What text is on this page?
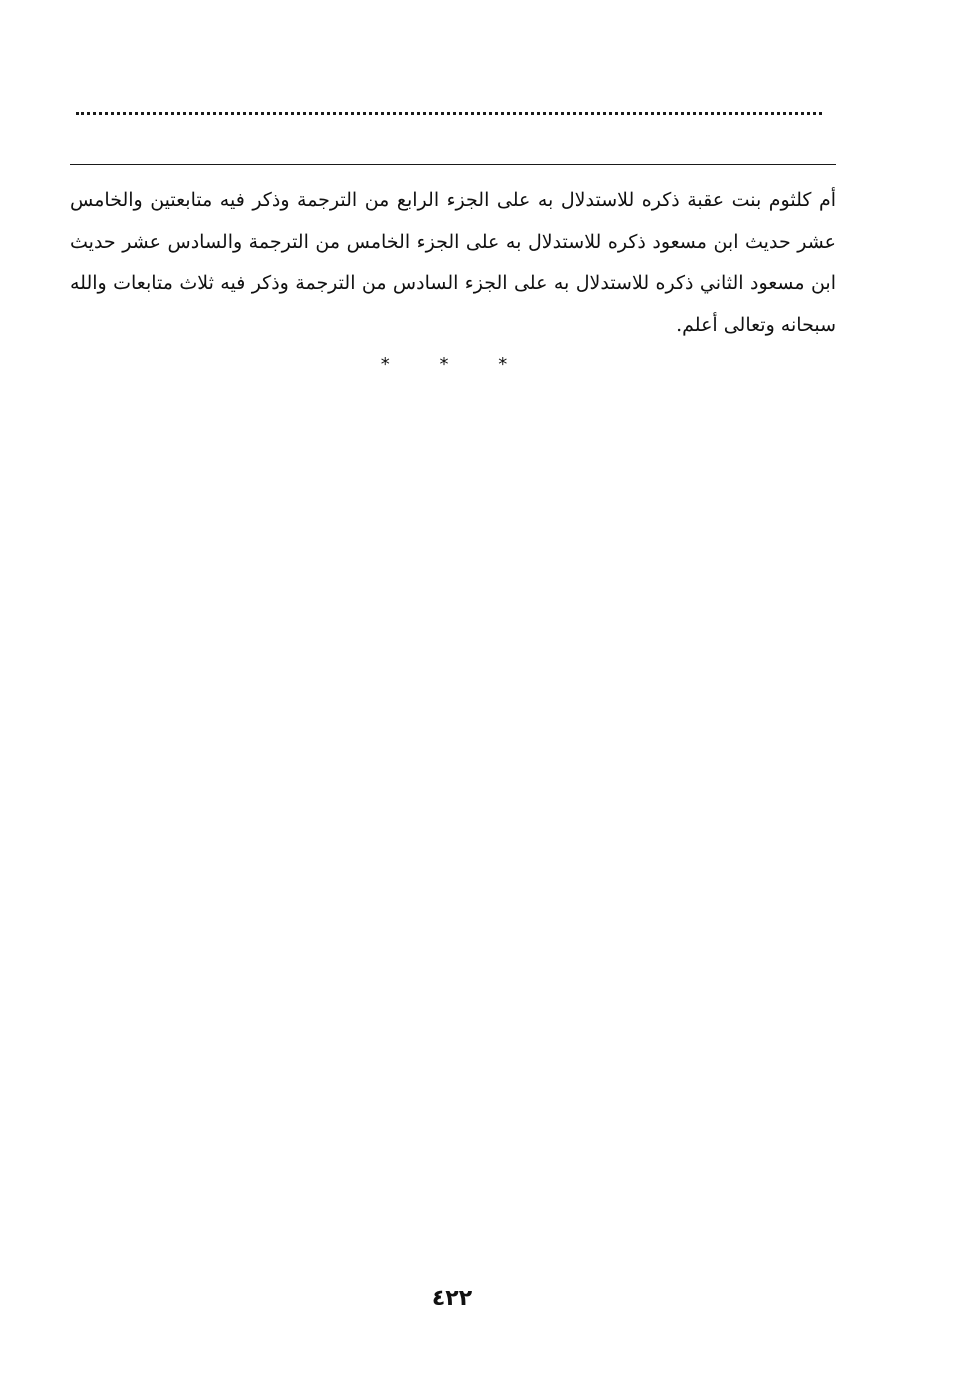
أم كلثوم بنت عقبة ذكره للاستدلال به على الجزء الرابع من الترجمة وذكر فيه متابعتين والخامس عشر حديث ابن مسعود ذكره للاستدلال به على الجزء الخامس من الترجمة والسادس عشر حديث ابن مسعود الثاني ذكره للاستدلال به على الجزء السادس من الترجمة وذكر فيه ثلاث متابعات والله سبحانه وتعالى أعلم.

* * *
٤٢٢
